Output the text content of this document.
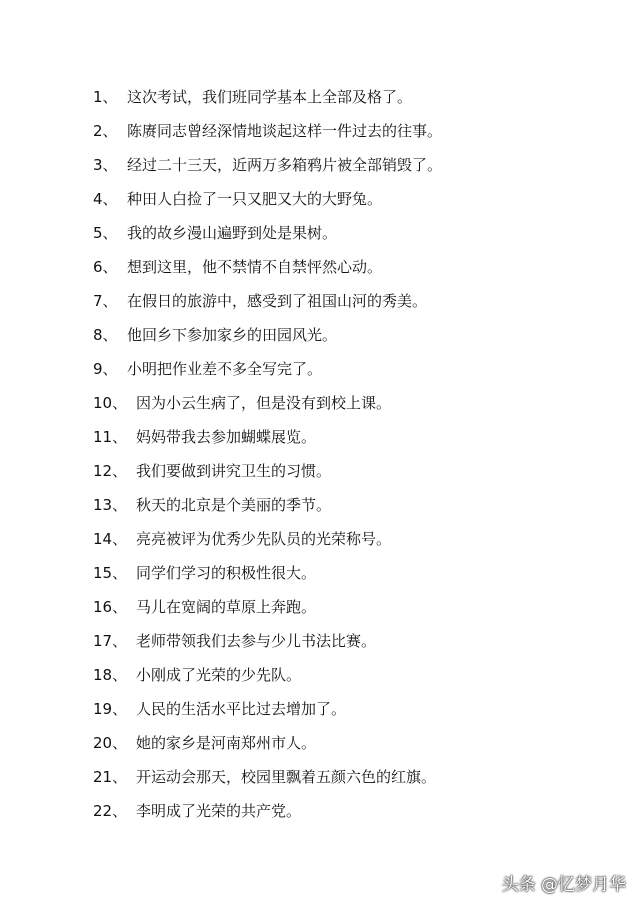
1、 这次考试，我们班同学基本上全部及格了。
2、 陈赓同志曾经深情地谈起这样一件过去的往事。
3、 经过二十三天，近两万多箱鸦片被全部销毁了。
4、 种田人白捡了一只又肥又大的大野兔。
5、 我的故乡漫山遍野到处是果树。
6、 想到这里，他不禁情不自禁怦然心动。
7、 在假日的旅游中，感受到了祖国山河的秀美。
8、 他回乡下参加家乡的田园风光。
9、 小明把作业差不多全写完了。
10、 因为小云生病了，但是没有到校上课。
11、 妈妈带我去参加蝴蝶展览。
12、 我们要做到讲究卫生的习惯。
13、 秋天的北京是个美丽的季节。
14、 亮亮被评为优秀少先队员的光荣称号。
15、 同学们学习的积极性很大。
16、 马儿在宽阔的草原上奔跑。
17、 老师带领我们去参与少儿书法比赛。
18、 小刚成了光荣的少先队。
19、 人民的生活水平比过去增加了。
20、 她的家乡是河南郑州市人。
21、 开运动会那天，校园里飘着五颜六色的红旗。
22、 李明成了光荣的共产党。
头条 @忆梦月华
